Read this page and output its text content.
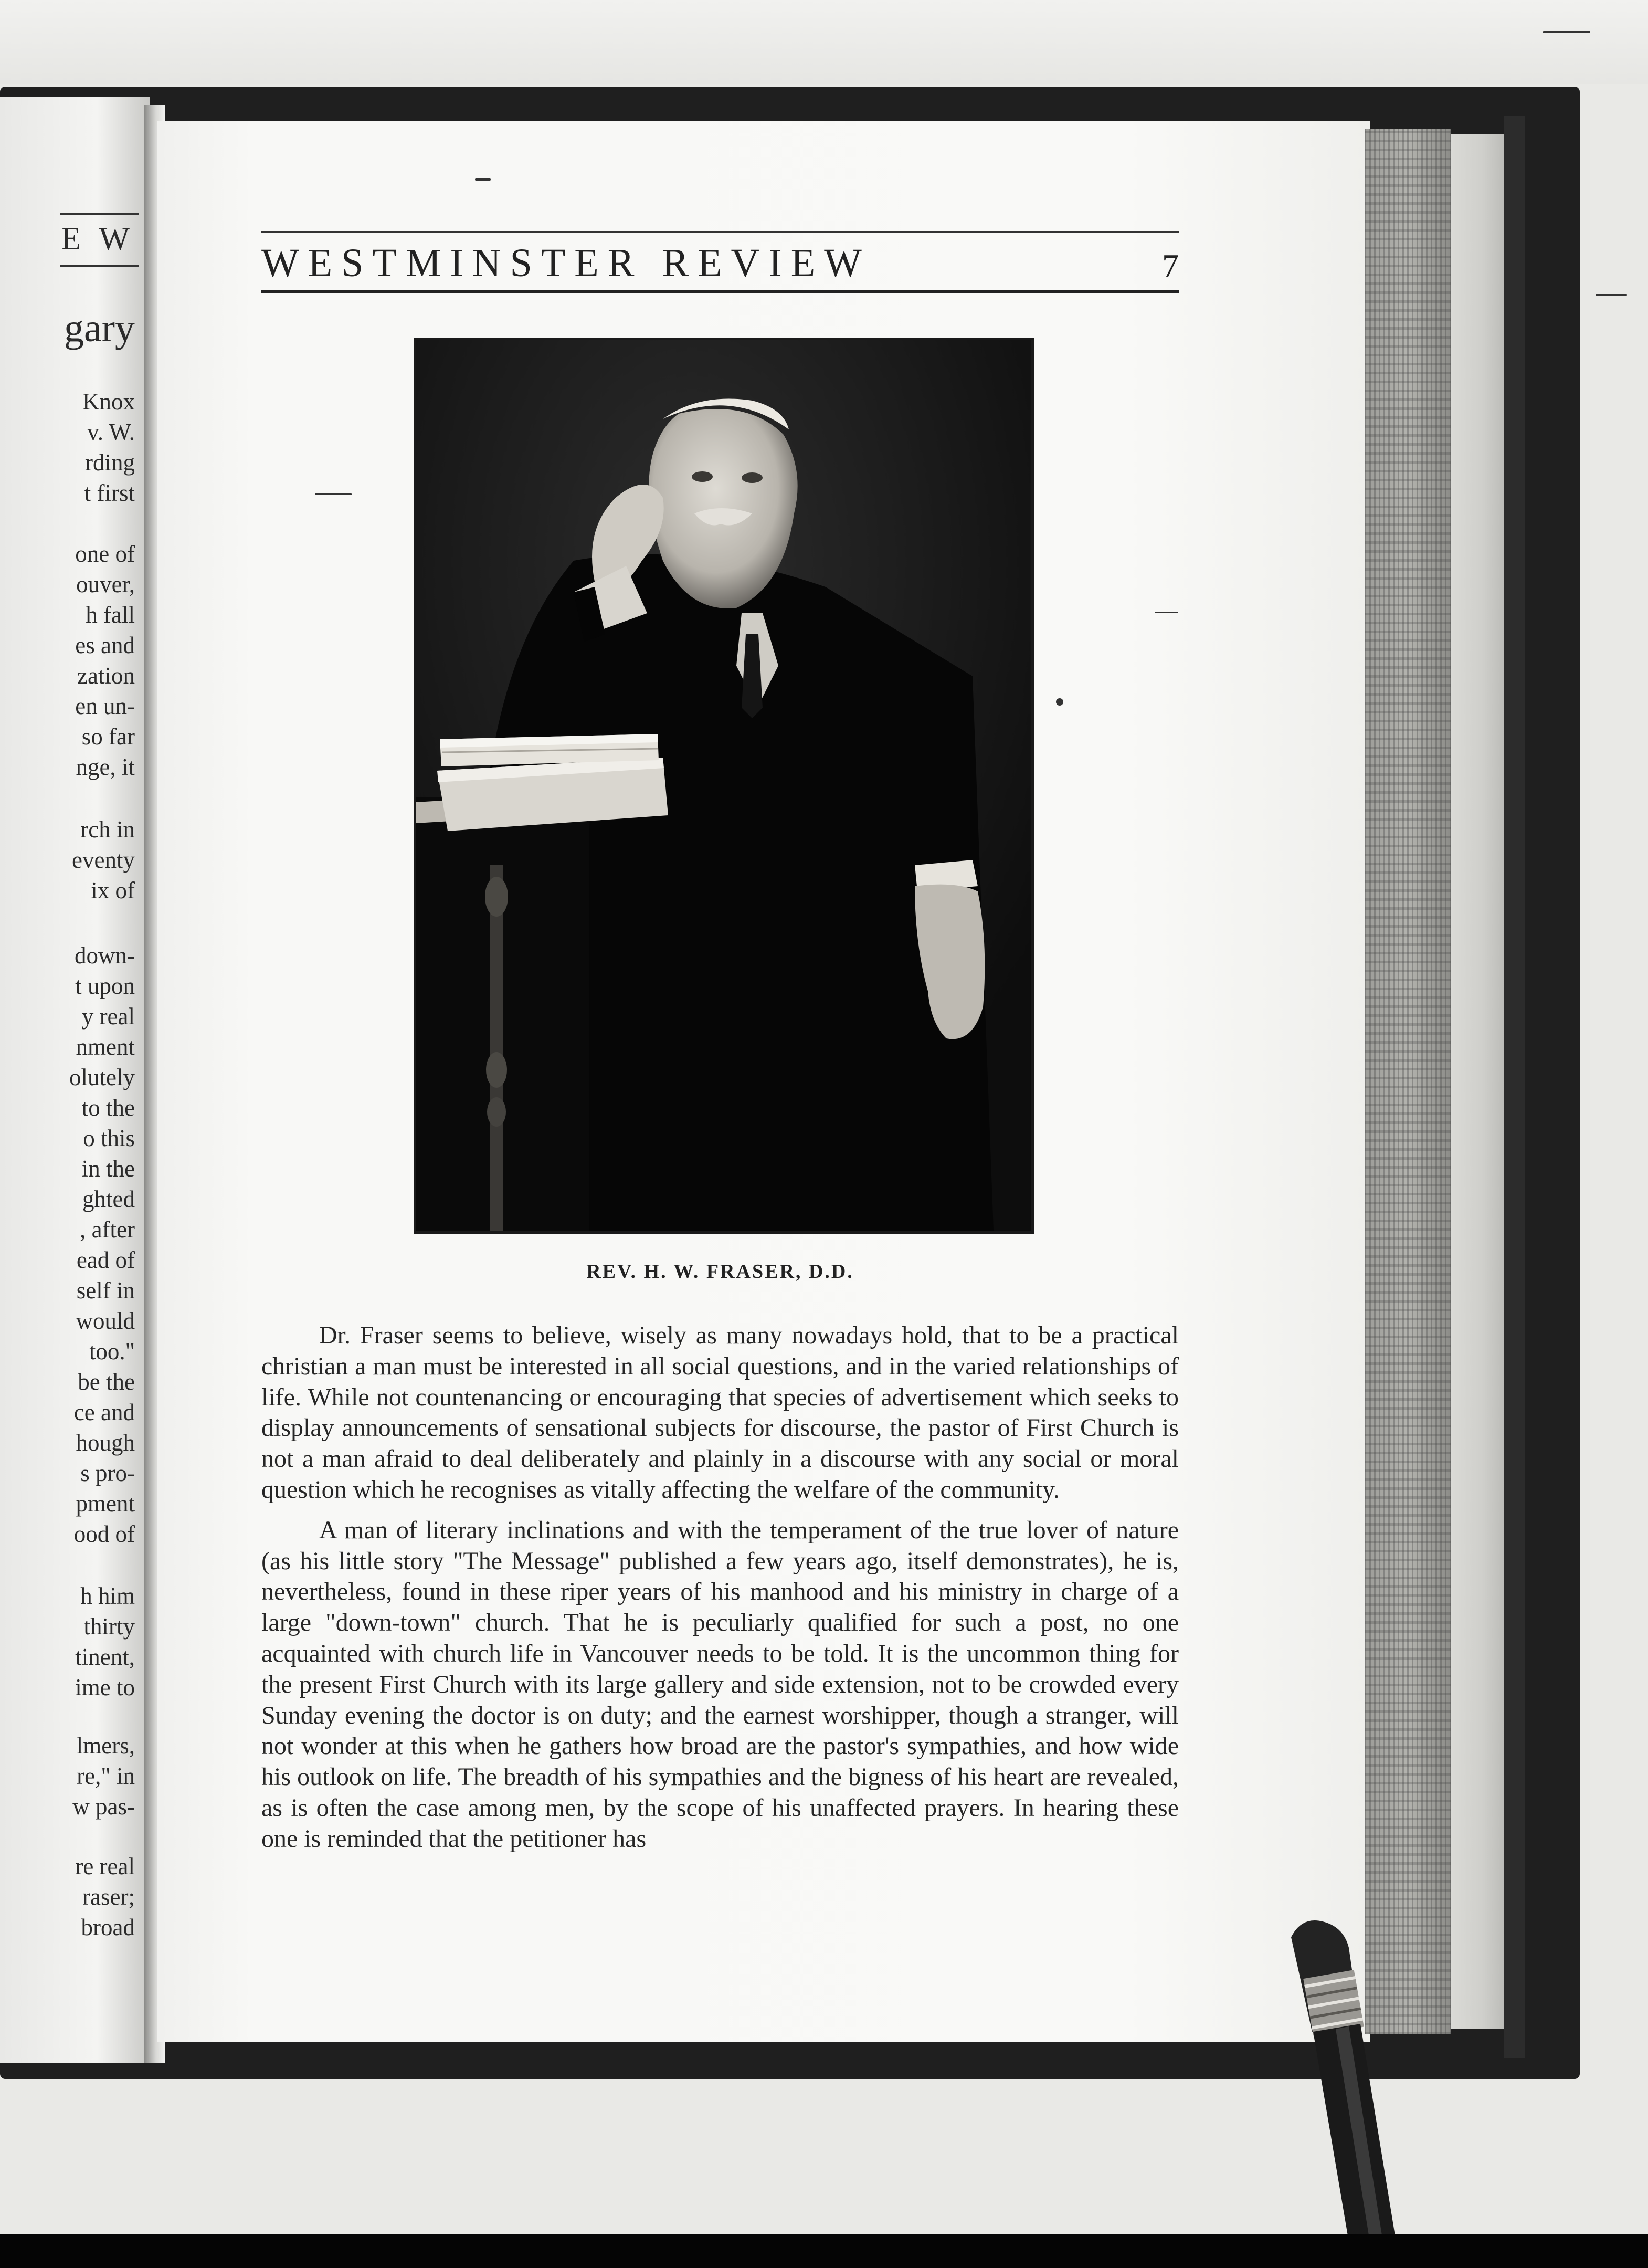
E W
gary
Knox
v. W.
rding
t first
one of
ouver,
h fall
es and
zation
en un-
so far
nge, it
rch in
eventy
ix of
down-
t upon
y real
nment
olutely
to the
o this
in the
ghted
, after
ead of
self in
would
too."
be the
ce and
hough
s pro-
pment
ood of
h him
thirty
tinent,
ime to
lmers,
re," in
w pas-
re real
raser;
broad
WESTMINSTER REVIEW	7
REV. H. W. FRASER, D.D.

Dr. Fraser seems to believe, wisely as many nowadays hold, that to be a practical christian a man must be interested in all social questions, and in the varied relationships of life. While not countenancing or encouraging that species of advertisement which seeks to display announcements of sensational subjects for discourse, the pastor of First Church is not a man afraid to deal deliberately and plainly in a discourse with any social or moral question which he recognises as vitally affecting the welfare of the community.

A man of literary inclinations and with the temperament of the true lover of nature (as his little story "The Message" published a few years ago, itself demonstrates), he is, nevertheless, found in these riper years of his manhood and his ministry in charge of a large "down-town" church. That he is peculiarly qualified for such a post, no one acquainted with church life in Vancouver needs to be told. It is the uncommon thing for the present First Church with its large gallery and side extension, not to be crowded every Sunday evening the doctor is on duty; and the earnest worshipper, though a stranger, will not wonder at this when he gathers how broad are the pastor's sympathies, and how wide his outlook on life. The breadth of his sympathies and the bigness of his heart are revealed, as is often the case among men, by the scope of his unaffected prayers. In hearing these one is reminded that the petitioner has
